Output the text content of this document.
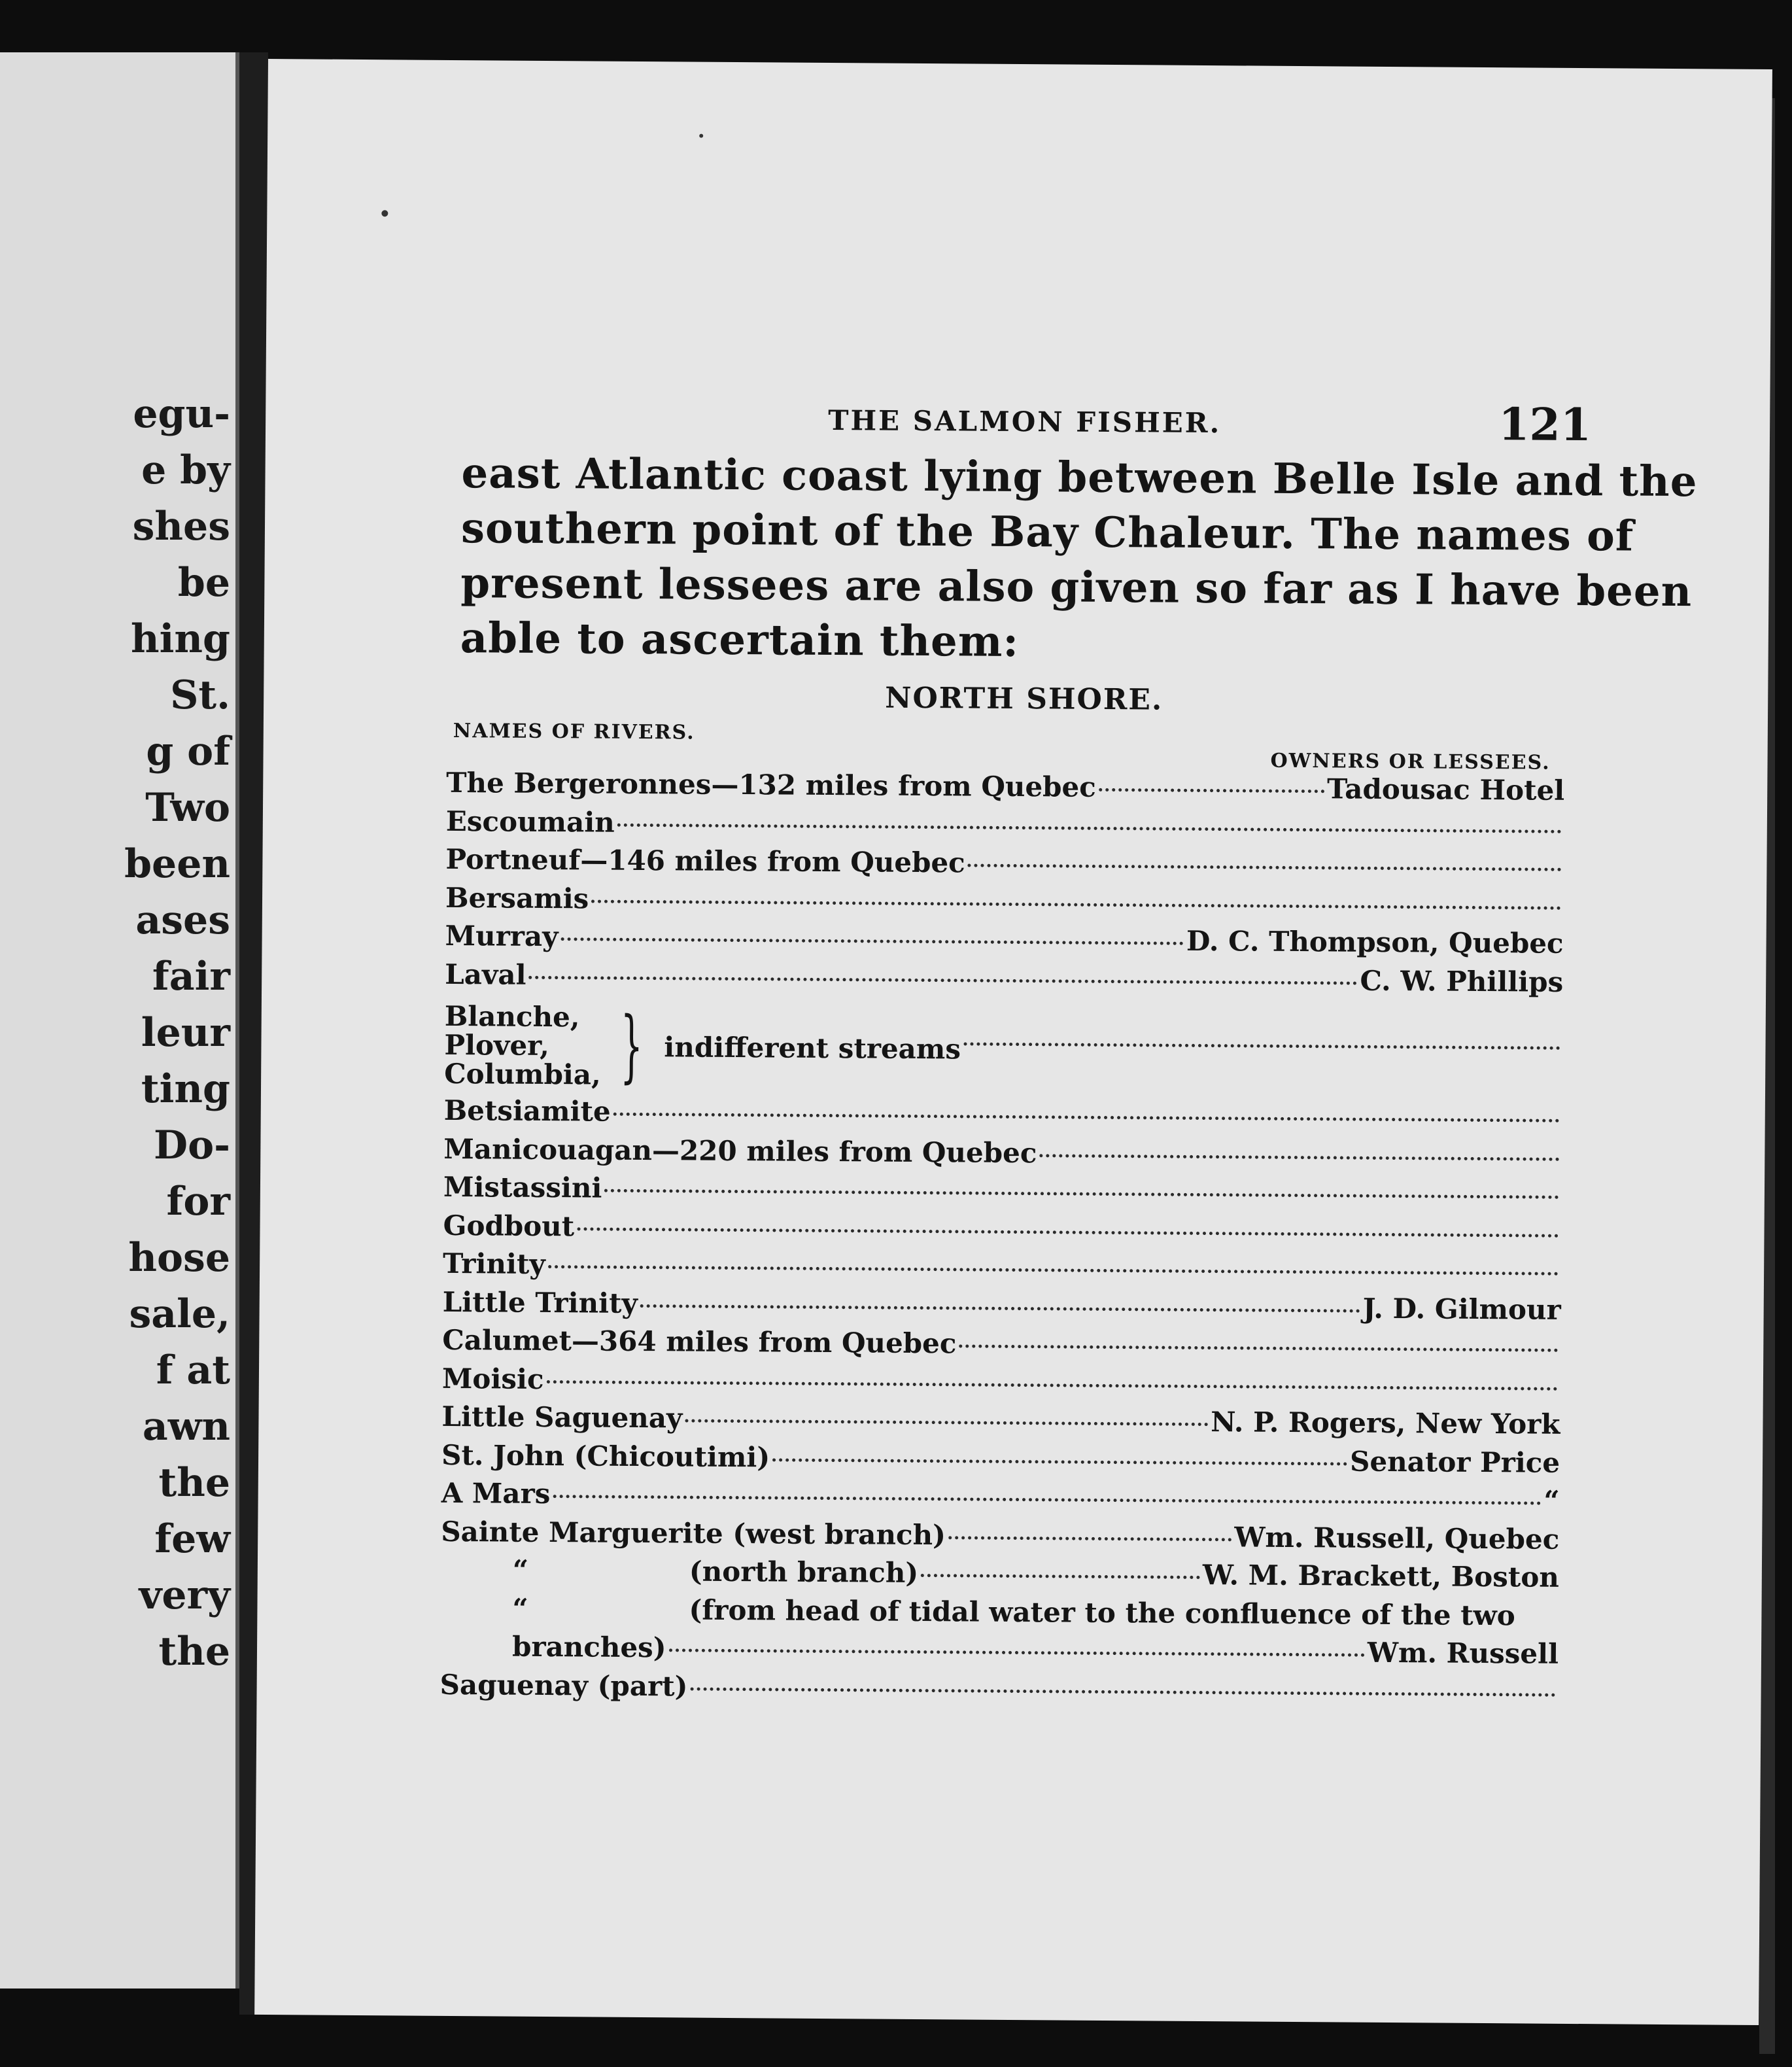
egu-
e by
shes
be
hing
St.
g of
Two
been
ases
fair
leur
ting
Do-
for
hose
sale,
f at
awn
the
few
very
the
THE SALMON FISHER.	121

east Atlantic coast lying between Belle Isle and the
southern point of the Bay Chaleur. The names of
present lessees are also given so far as I have been
able to ascertain them:

NORTH SHORE.
NAMES OF RIVERS.
OWNERS OR LESSEES.
The Bergeronnes—132 miles from Quebec	Tadousac Hotel
Escoumain
Portneuf—146 miles from Quebec
Bersamis
Murray	D. C. Thompson, Quebec
Laval	C. W. Phillips
Blanche,
Plover,
Columbia, } indifferent streams
Betsiamite
Manicouagan—220 miles from Quebec
Mistassini
Godbout
Trinity
Little Trinity	J. D. Gilmour
Calumet—364 miles from Quebec
Moisic
Little Saguenay	N. P. Rogers, New York
St. John (Chicoutimi)	Senator Price
A Mars	“
Sainte Marguerite (west branch)	Wm. Russell, Quebec
“	(north branch)	W. M. Brackett, Boston
“	(from head of tidal water to the confluence of the two
branches)	Wm. Russell
Saguenay (part)
